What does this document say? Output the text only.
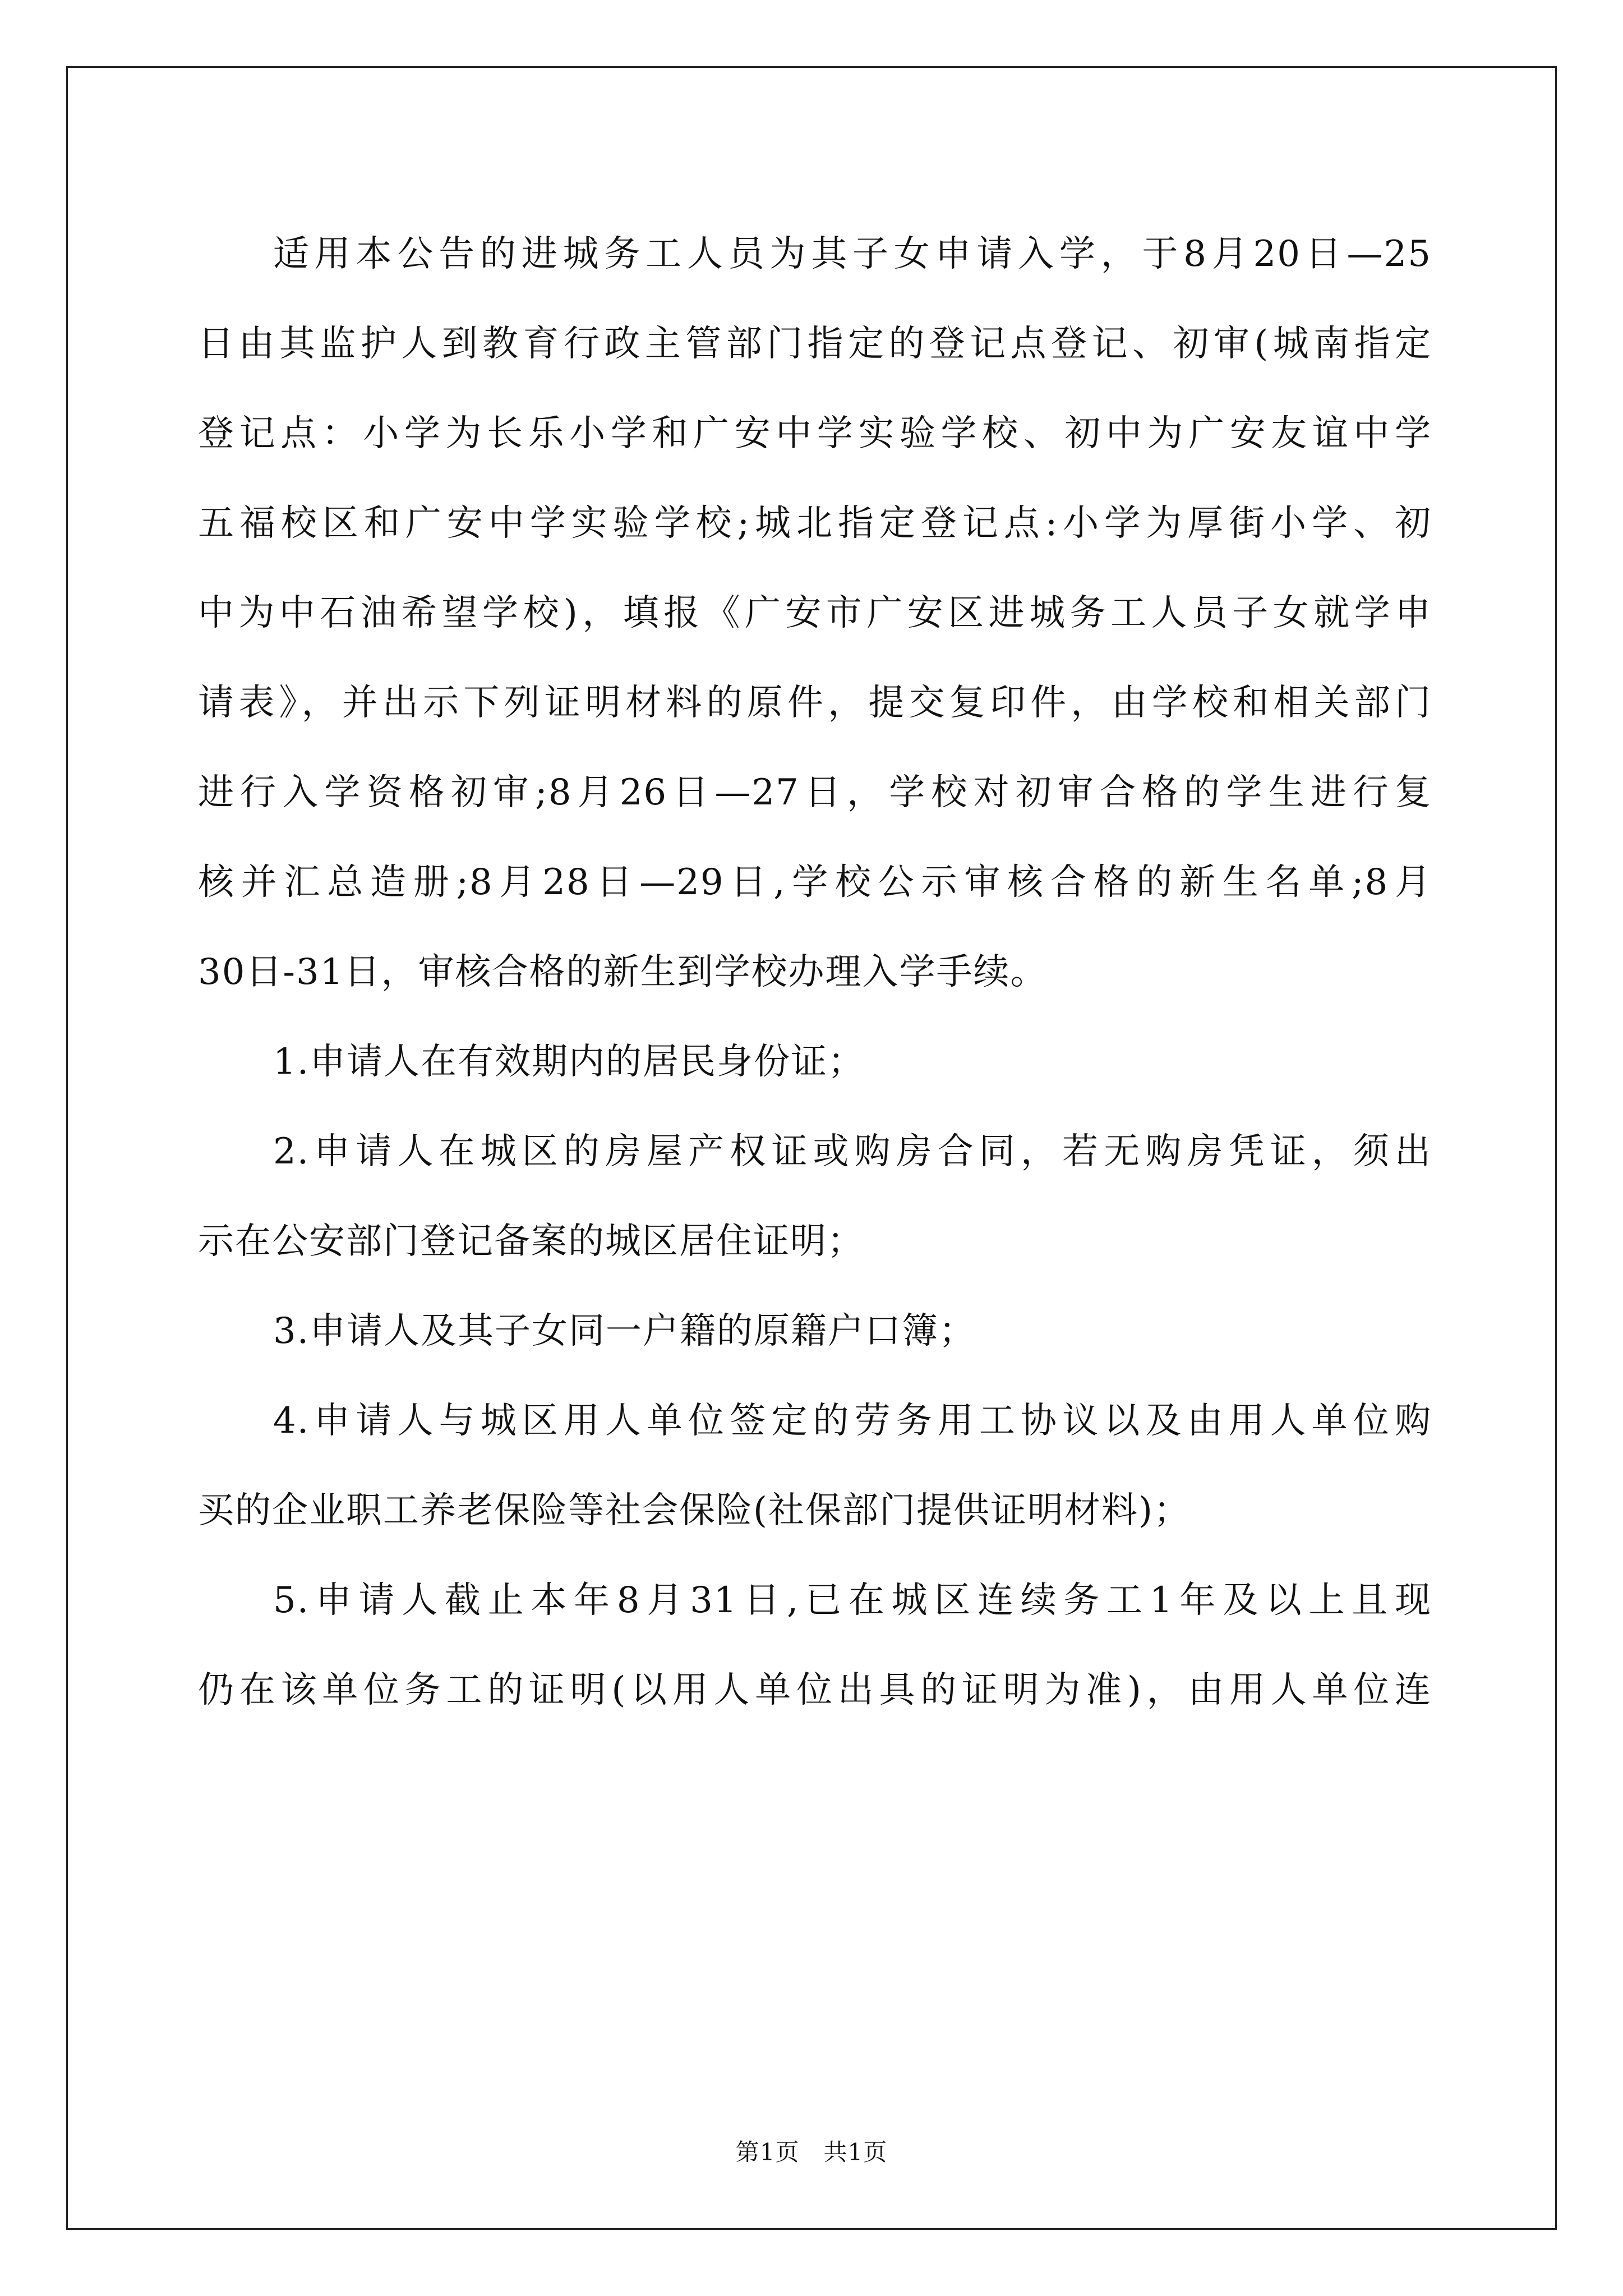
适用本公告的进城务工人员为其子女申请入学，于8月20日—25
日由其监护人到教育行政主管部门指定的登记点登记、初审(城南指定
登记点：小学为长乐小学和广安中学实验学校、初中为广安友谊中学
五福校区和广安中学实验学校;城北指定登记点:小学为厚街小学、初
中为中石油希望学校)，填报《广安市广安区进城务工人员子女就学申
请表》，并出示下列证明材料的原件，提交复印件，由学校和相关部门
进行入学资格初审;8月26日—27日，学校对初审合格的学生进行复
核并汇总造册;8月28日—29日,学校公示审核合格的新生名单;8月
30日-31日，审核合格的新生到学校办理入学手续。
1.申请人在有效期内的居民身份证；
2.申请人在城区的房屋产权证或购房合同，若无购房凭证，须出
示在公安部门登记备案的城区居住证明；
3.申请人及其子女同一户籍的原籍户口簿；
4.申请人与城区用人单位签定的劳务用工协议以及由用人单位购
买的企业职工养老保险等社会保险(社保部门提供证明材料)；
5.申请人截止本年8月31日,已在城区连续务工1年及以上且现
仍在该单位务工的证明(以用人单位出具的证明为准)，由用人单位连
第1页 共1页
